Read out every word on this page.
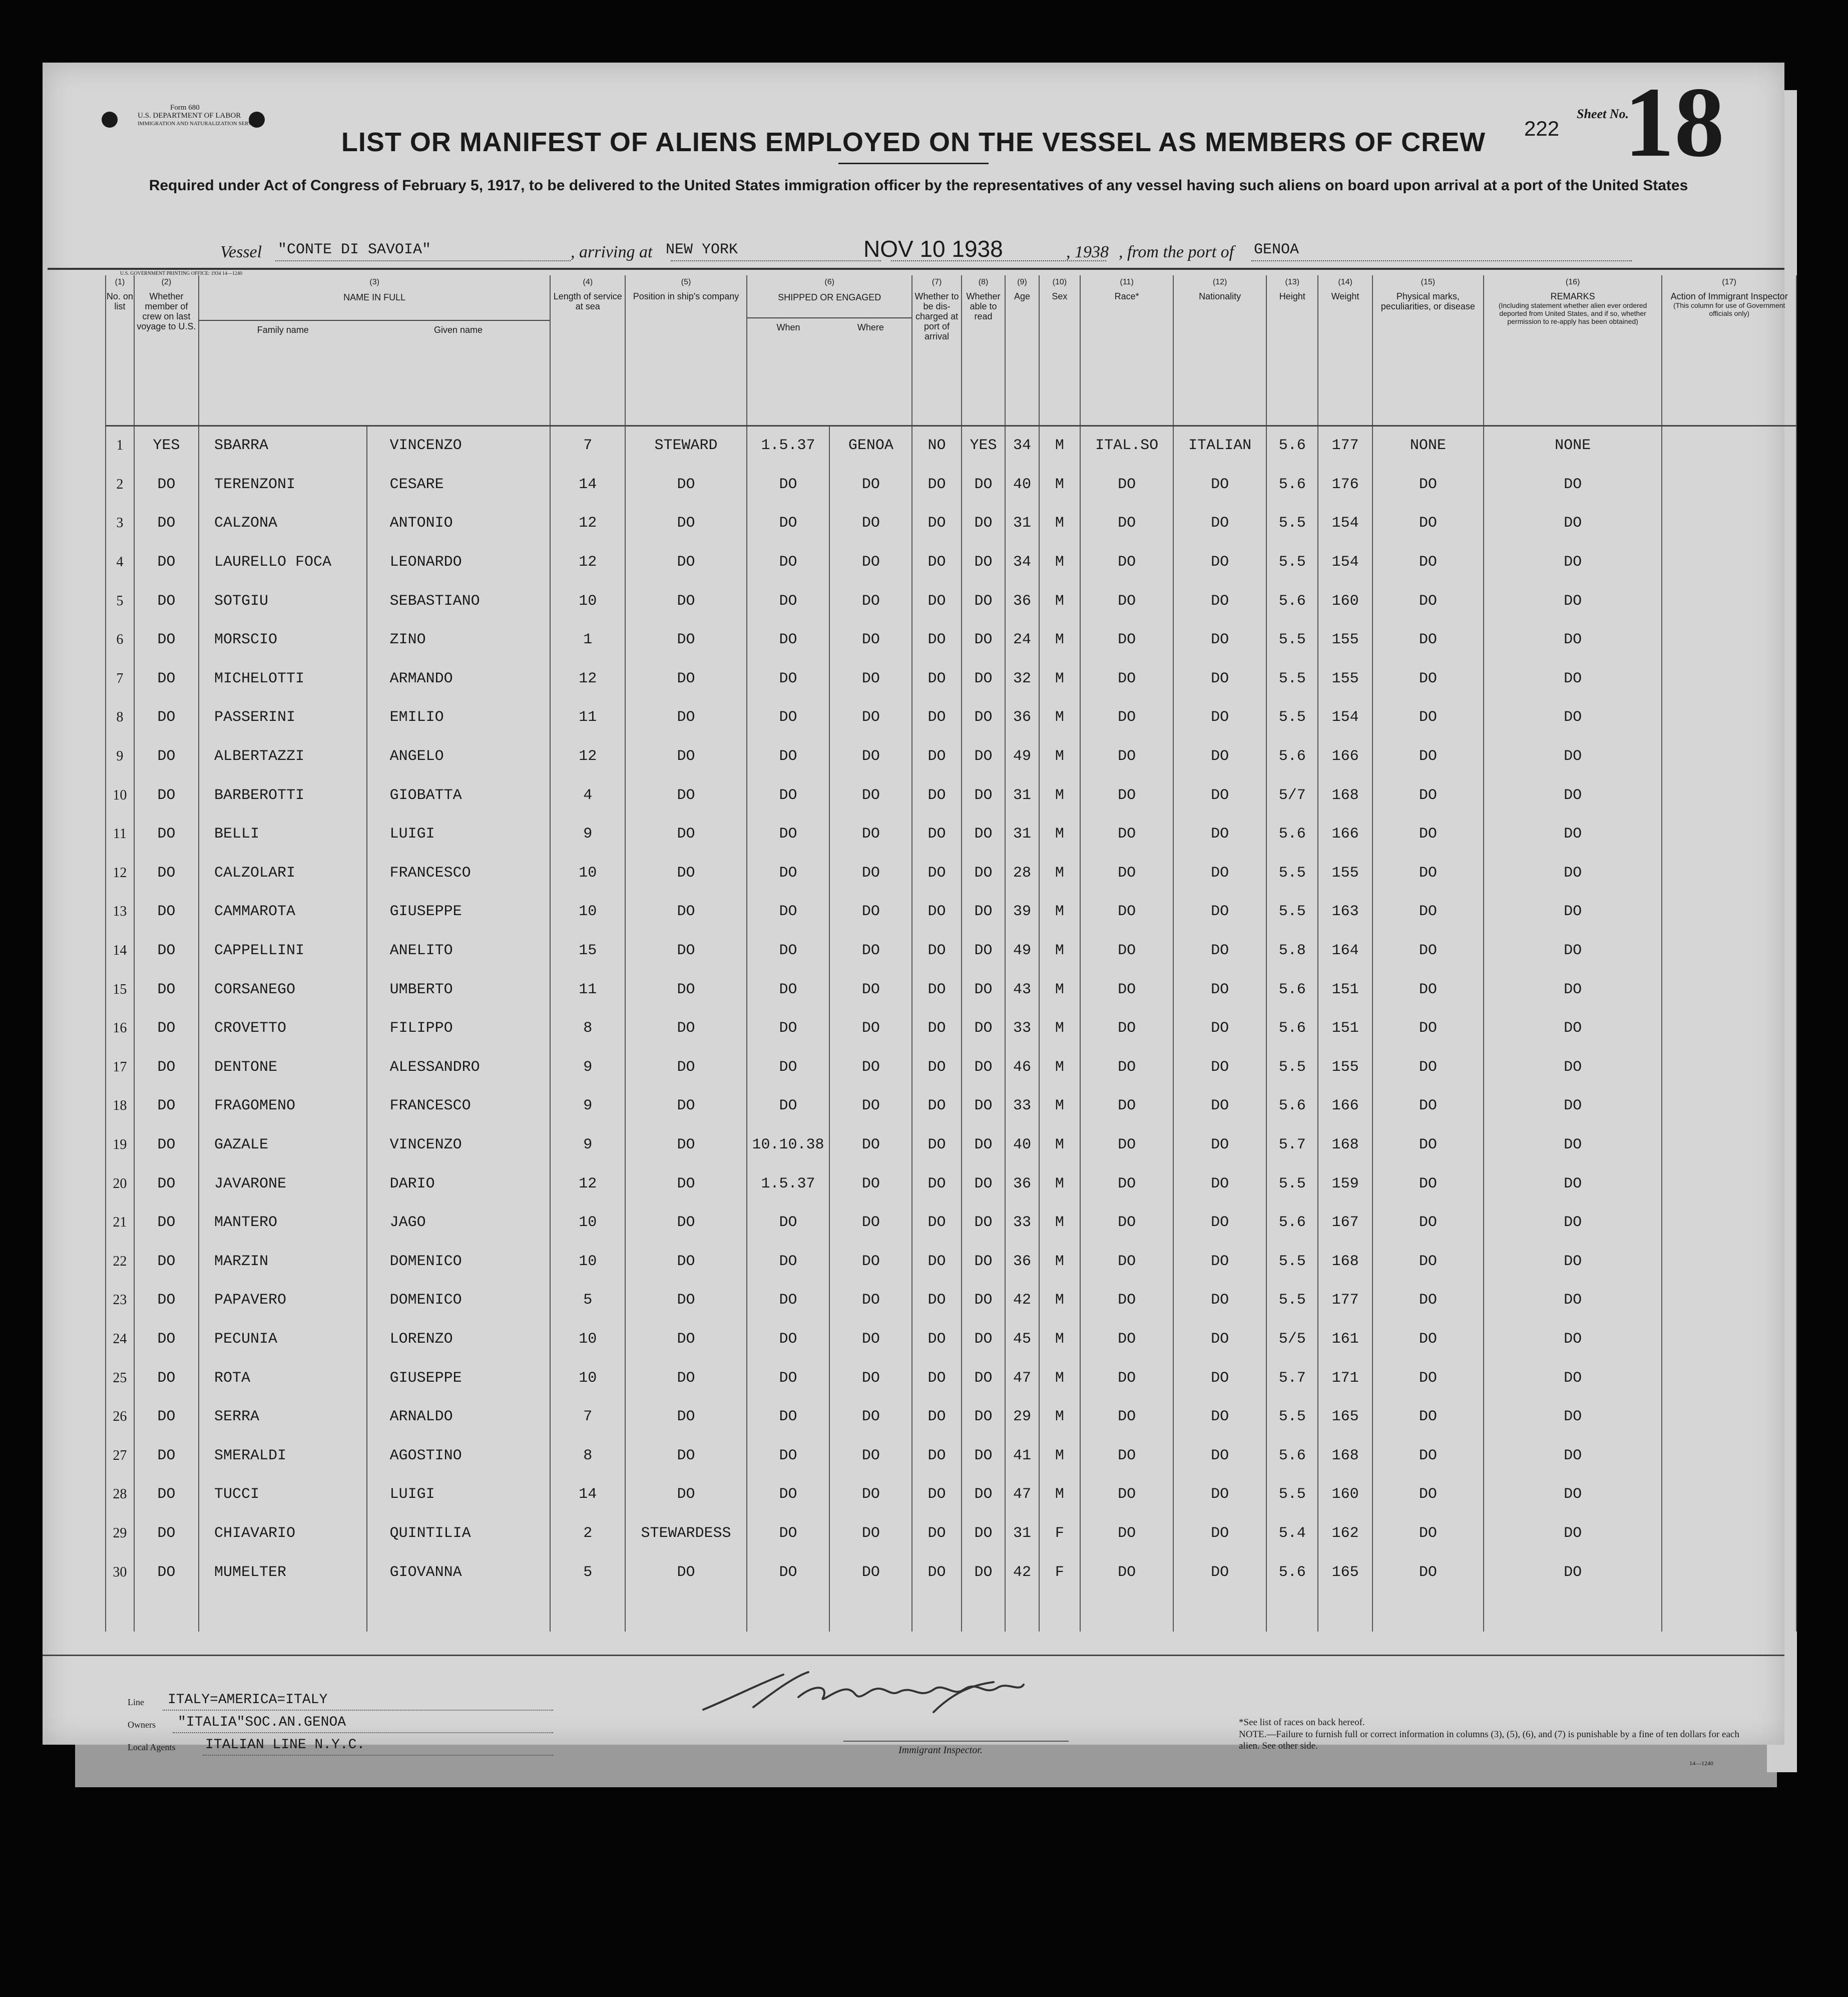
Form 680
U.S. DEPARTMENT OF LABOR
IMMIGRATION AND NATURALIZATION SERVICE
LIST OR MANIFEST OF ALIENS EMPLOYED ON THE VESSEL AS MEMBERS OF CREW
Required under Act of Congress of February 5, 1917, to be delivered to the United States immigration officer by the representatives of any vessel having such aliens on board upon arrival at a port of the United States
222
Sheet No.
18
Vessel "CONTE DI SAVOIA"	, arriving at NEW YORK	NOV 10 1938	, 1938 , from the port of GENOA
U.S. GOVERNMENT PRINTING OFFICE: 1934 14—1240
(1)
No. on list	(2)
Whether member of crew on last voyage to U.S.	(3)
NAME IN FULL
Family name Given name		(4)
Length of service at sea	(5)
Position in ship's company	(6)
SHIPPED OR ENGAGED
When Where		(7)
Whether to be dis-charged at port of arrival	(8)
Whether able to read	(9)
Age	(10)
Sex	(11)
Race*	(12)
Nationality	(13)
Height	(14)
Weight	(15)
Physical marks, peculiarities, or disease	(16)
REMARKS
(Including statement whether alien ever ordered deported from United States, and if so, whether permission to re-apply has been obtained)	(17)
Action of Immigrant Inspector
(This column for use of Government officials only)

1	YES	SBARRA	VINCENZO	7	STEWARD	1.5.37	GENOA	NO	YES	34	M	ITAL.SO	ITALIAN	5.6	177	NONE	NONE	
2	DO	TERENZONI	CESARE	14	DO	DO	DO	DO	DO	40	M	DO	DO	5.6	176	DO	DO	
3	DO	CALZONA	ANTONIO	12	DO	DO	DO	DO	DO	31	M	DO	DO	5.5	154	DO	DO	
4	DO	LAURELLO FOCA	LEONARDO	12	DO	DO	DO	DO	DO	34	M	DO	DO	5.5	154	DO	DO	
5	DO	SOTGIU	SEBASTIANO	10	DO	DO	DO	DO	DO	36	M	DO	DO	5.6	160	DO	DO	
6	DO	MORSCIO	ZINO	1	DO	DO	DO	DO	DO	24	M	DO	DO	5.5	155	DO	DO	
7	DO	MICHELOTTI	ARMANDO	12	DO	DO	DO	DO	DO	32	M	DO	DO	5.5	155	DO	DO	
8	DO	PASSERINI	EMILIO	11	DO	DO	DO	DO	DO	36	M	DO	DO	5.5	154	DO	DO	
9	DO	ALBERTAZZI	ANGELO	12	DO	DO	DO	DO	DO	49	M	DO	DO	5.6	166	DO	DO	
10	DO	BARBEROTTI	GIOBATTA	4	DO	DO	DO	DO	DO	31	M	DO	DO	5/7	168	DO	DO	
11	DO	BELLI	LUIGI	9	DO	DO	DO	DO	DO	31	M	DO	DO	5.6	166	DO	DO	
12	DO	CALZOLARI	FRANCESCO	10	DO	DO	DO	DO	DO	28	M	DO	DO	5.5	155	DO	DO	
13	DO	CAMMAROTA	GIUSEPPE	10	DO	DO	DO	DO	DO	39	M	DO	DO	5.5	163	DO	DO	
14	DO	CAPPELLINI	ANELITO	15	DO	DO	DO	DO	DO	49	M	DO	DO	5.8	164	DO	DO	
15	DO	CORSANEGO	UMBERTO	11	DO	DO	DO	DO	DO	43	M	DO	DO	5.6	151	DO	DO	
16	DO	CROVETTO	FILIPPO	8	DO	DO	DO	DO	DO	33	M	DO	DO	5.6	151	DO	DO	
17	DO	DENTONE	ALESSANDRO	9	DO	DO	DO	DO	DO	46	M	DO	DO	5.5	155	DO	DO	
18	DO	FRAGOMENO	FRANCESCO	9	DO	DO	DO	DO	DO	33	M	DO	DO	5.6	166	DO	DO	
19	DO	GAZALE	VINCENZO	9	DO	10.10.38	DO	DO	DO	40	M	DO	DO	5.7	168	DO	DO	
20	DO	JAVARONE	DARIO	12	DO	1.5.37	DO	DO	DO	36	M	DO	DO	5.5	159	DO	DO	
21	DO	MANTERO	JAGO	10	DO	DO	DO	DO	DO	33	M	DO	DO	5.6	167	DO	DO	
22	DO	MARZIN	DOMENICO	10	DO	DO	DO	DO	DO	36	M	DO	DO	5.5	168	DO	DO	
23	DO	PAPAVERO	DOMENICO	5	DO	DO	DO	DO	DO	42	M	DO	DO	5.5	177	DO	DO	
24	DO	PECUNIA	LORENZO	10	DO	DO	DO	DO	DO	45	M	DO	DO	5/5	161	DO	DO	
25	DO	ROTA	GIUSEPPE	10	DO	DO	DO	DO	DO	47	M	DO	DO	5.7	171	DO	DO	
26	DO	SERRA	ARNALDO	7	DO	DO	DO	DO	DO	29	M	DO	DO	5.5	165	DO	DO	
27	DO	SMERALDI	AGOSTINO	8	DO	DO	DO	DO	DO	41	M	DO	DO	5.6	168	DO	DO	
28	DO	TUCCI	LUIGI	14	DO	DO	DO	DO	DO	47	M	DO	DO	5.5	160	DO	DO	
29	DO	CHIAVARIO	QUINTILIA	2	STEWARDESS	DO	DO	DO	DO	31	F	DO	DO	5.4	162	DO	DO	
30	DO	MUMELTER	GIOVANNA	5	DO	DO	DO	DO	DO	42	F	DO	DO	5.6	165	DO	DO	

Line ITALY=AMERICA=ITALY
Owners "ITALIA"SOC.AN.GENOA
Local Agents ITALIAN LINE N.Y.C.	Immigrant Inspector.
*See list of races on back hereof.
NOTE.—Failure to furnish full or correct information in columns (3), (5), (6), and (7) is punishable by a fine of ten dollars for each alien. See other side.
14—1240
